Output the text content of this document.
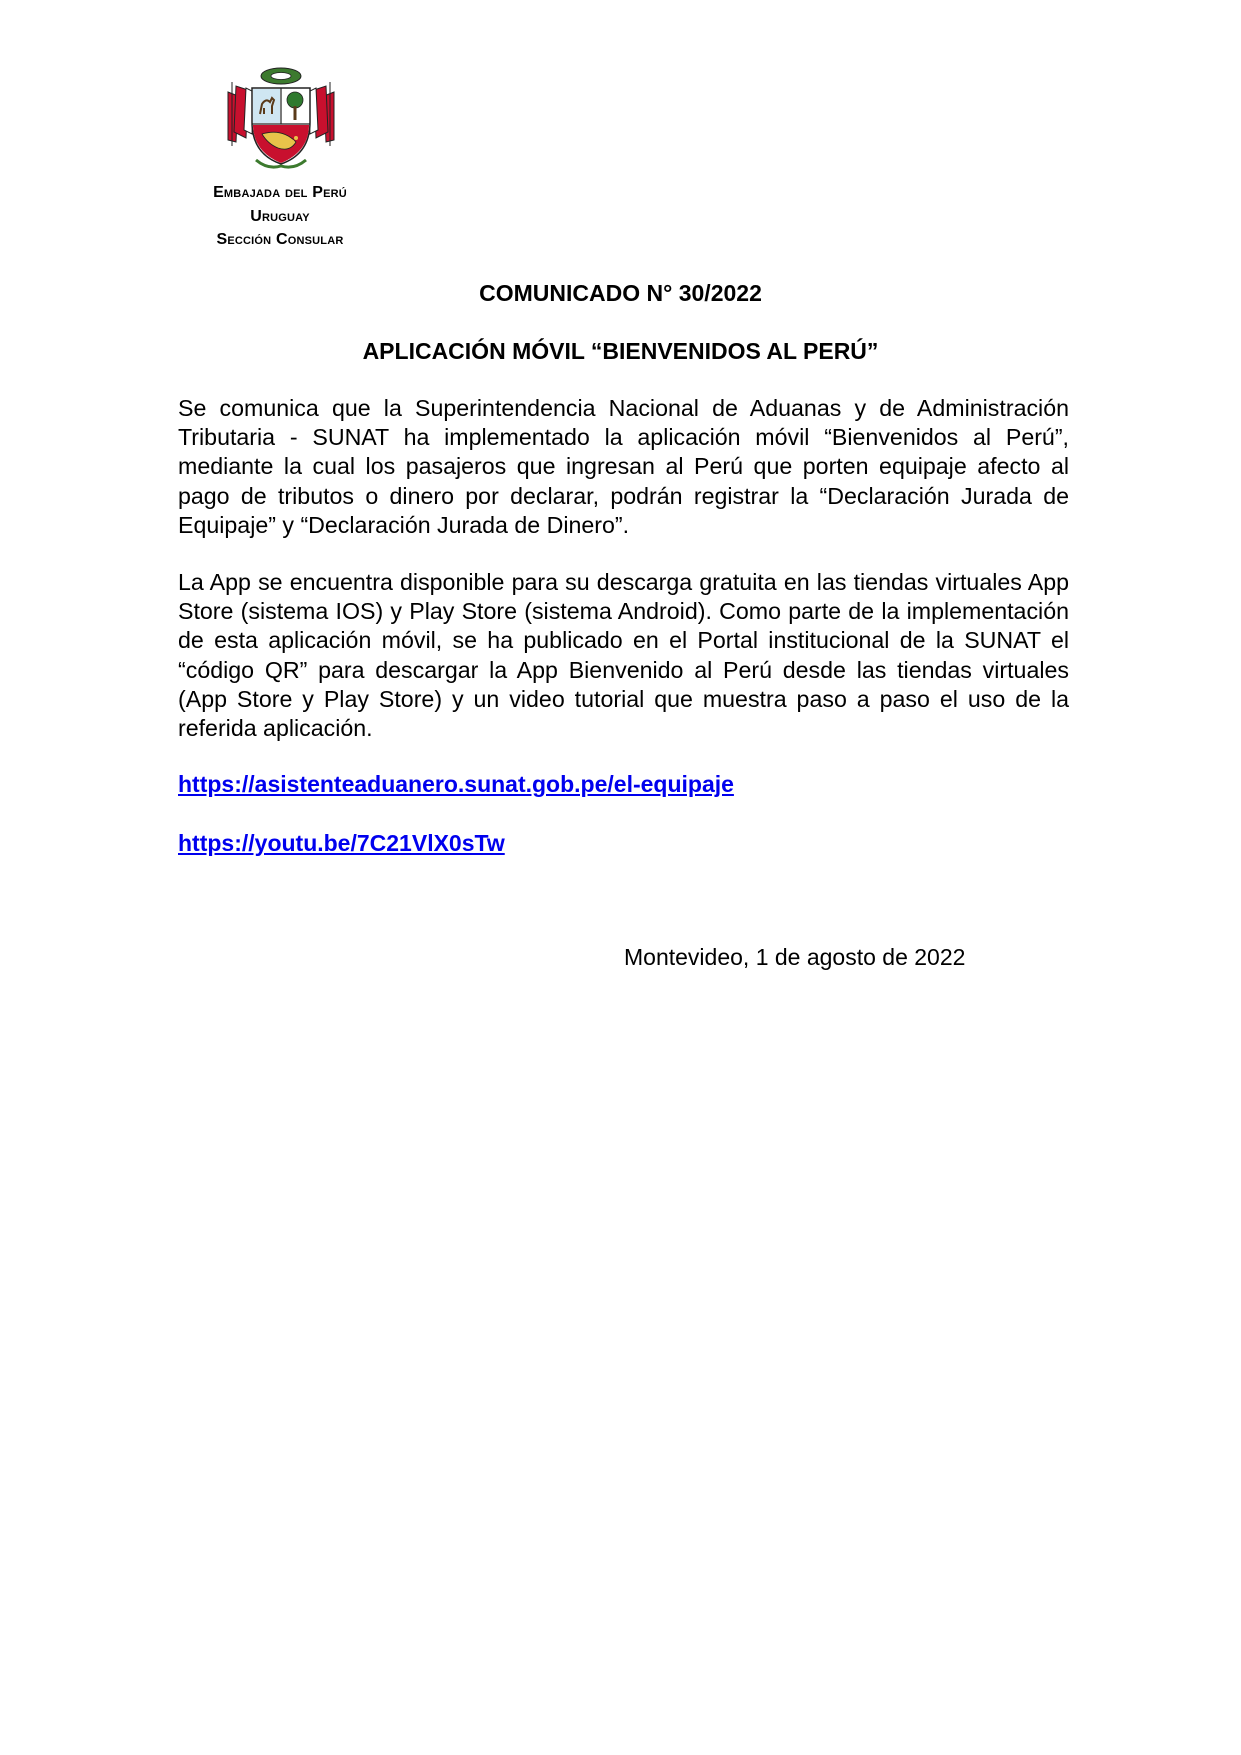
Embajada del Perú
Uruguay
Sección Consular
COMUNICADO N° 30/2022
APLICACIÓN MÓVIL “BIENVENIDOS AL PERÚ”

Se comunica que la Superintendencia Nacional de Aduanas y de Administración Tributaria - SUNAT ha implementado la aplicación móvil “Bienvenidos al Perú”, mediante la cual los pasajeros que ingresan al Perú que porten equipaje afecto al pago de tributos o dinero por declarar, podrán registrar la “Declaración Jurada de Equipaje” y “Declaración Jurada de Dinero”.

La App se encuentra disponible para su descarga gratuita en las tiendas virtuales App Store (sistema IOS) y Play Store (sistema Android). Como parte de la implementación de esta aplicación móvil, se ha publicado en el Portal institucional de la SUNAT el “código QR” para descargar la App Bienvenido al Perú desde las tiendas virtuales (App Store y Play Store) y un video tutorial que muestra paso a paso el uso de la referida aplicación.

https://asistenteaduanero.sunat.gob.pe/el-equipaje
https://youtu.be/7C21VlX0sTw
Montevideo, 1 de agosto de 2022
